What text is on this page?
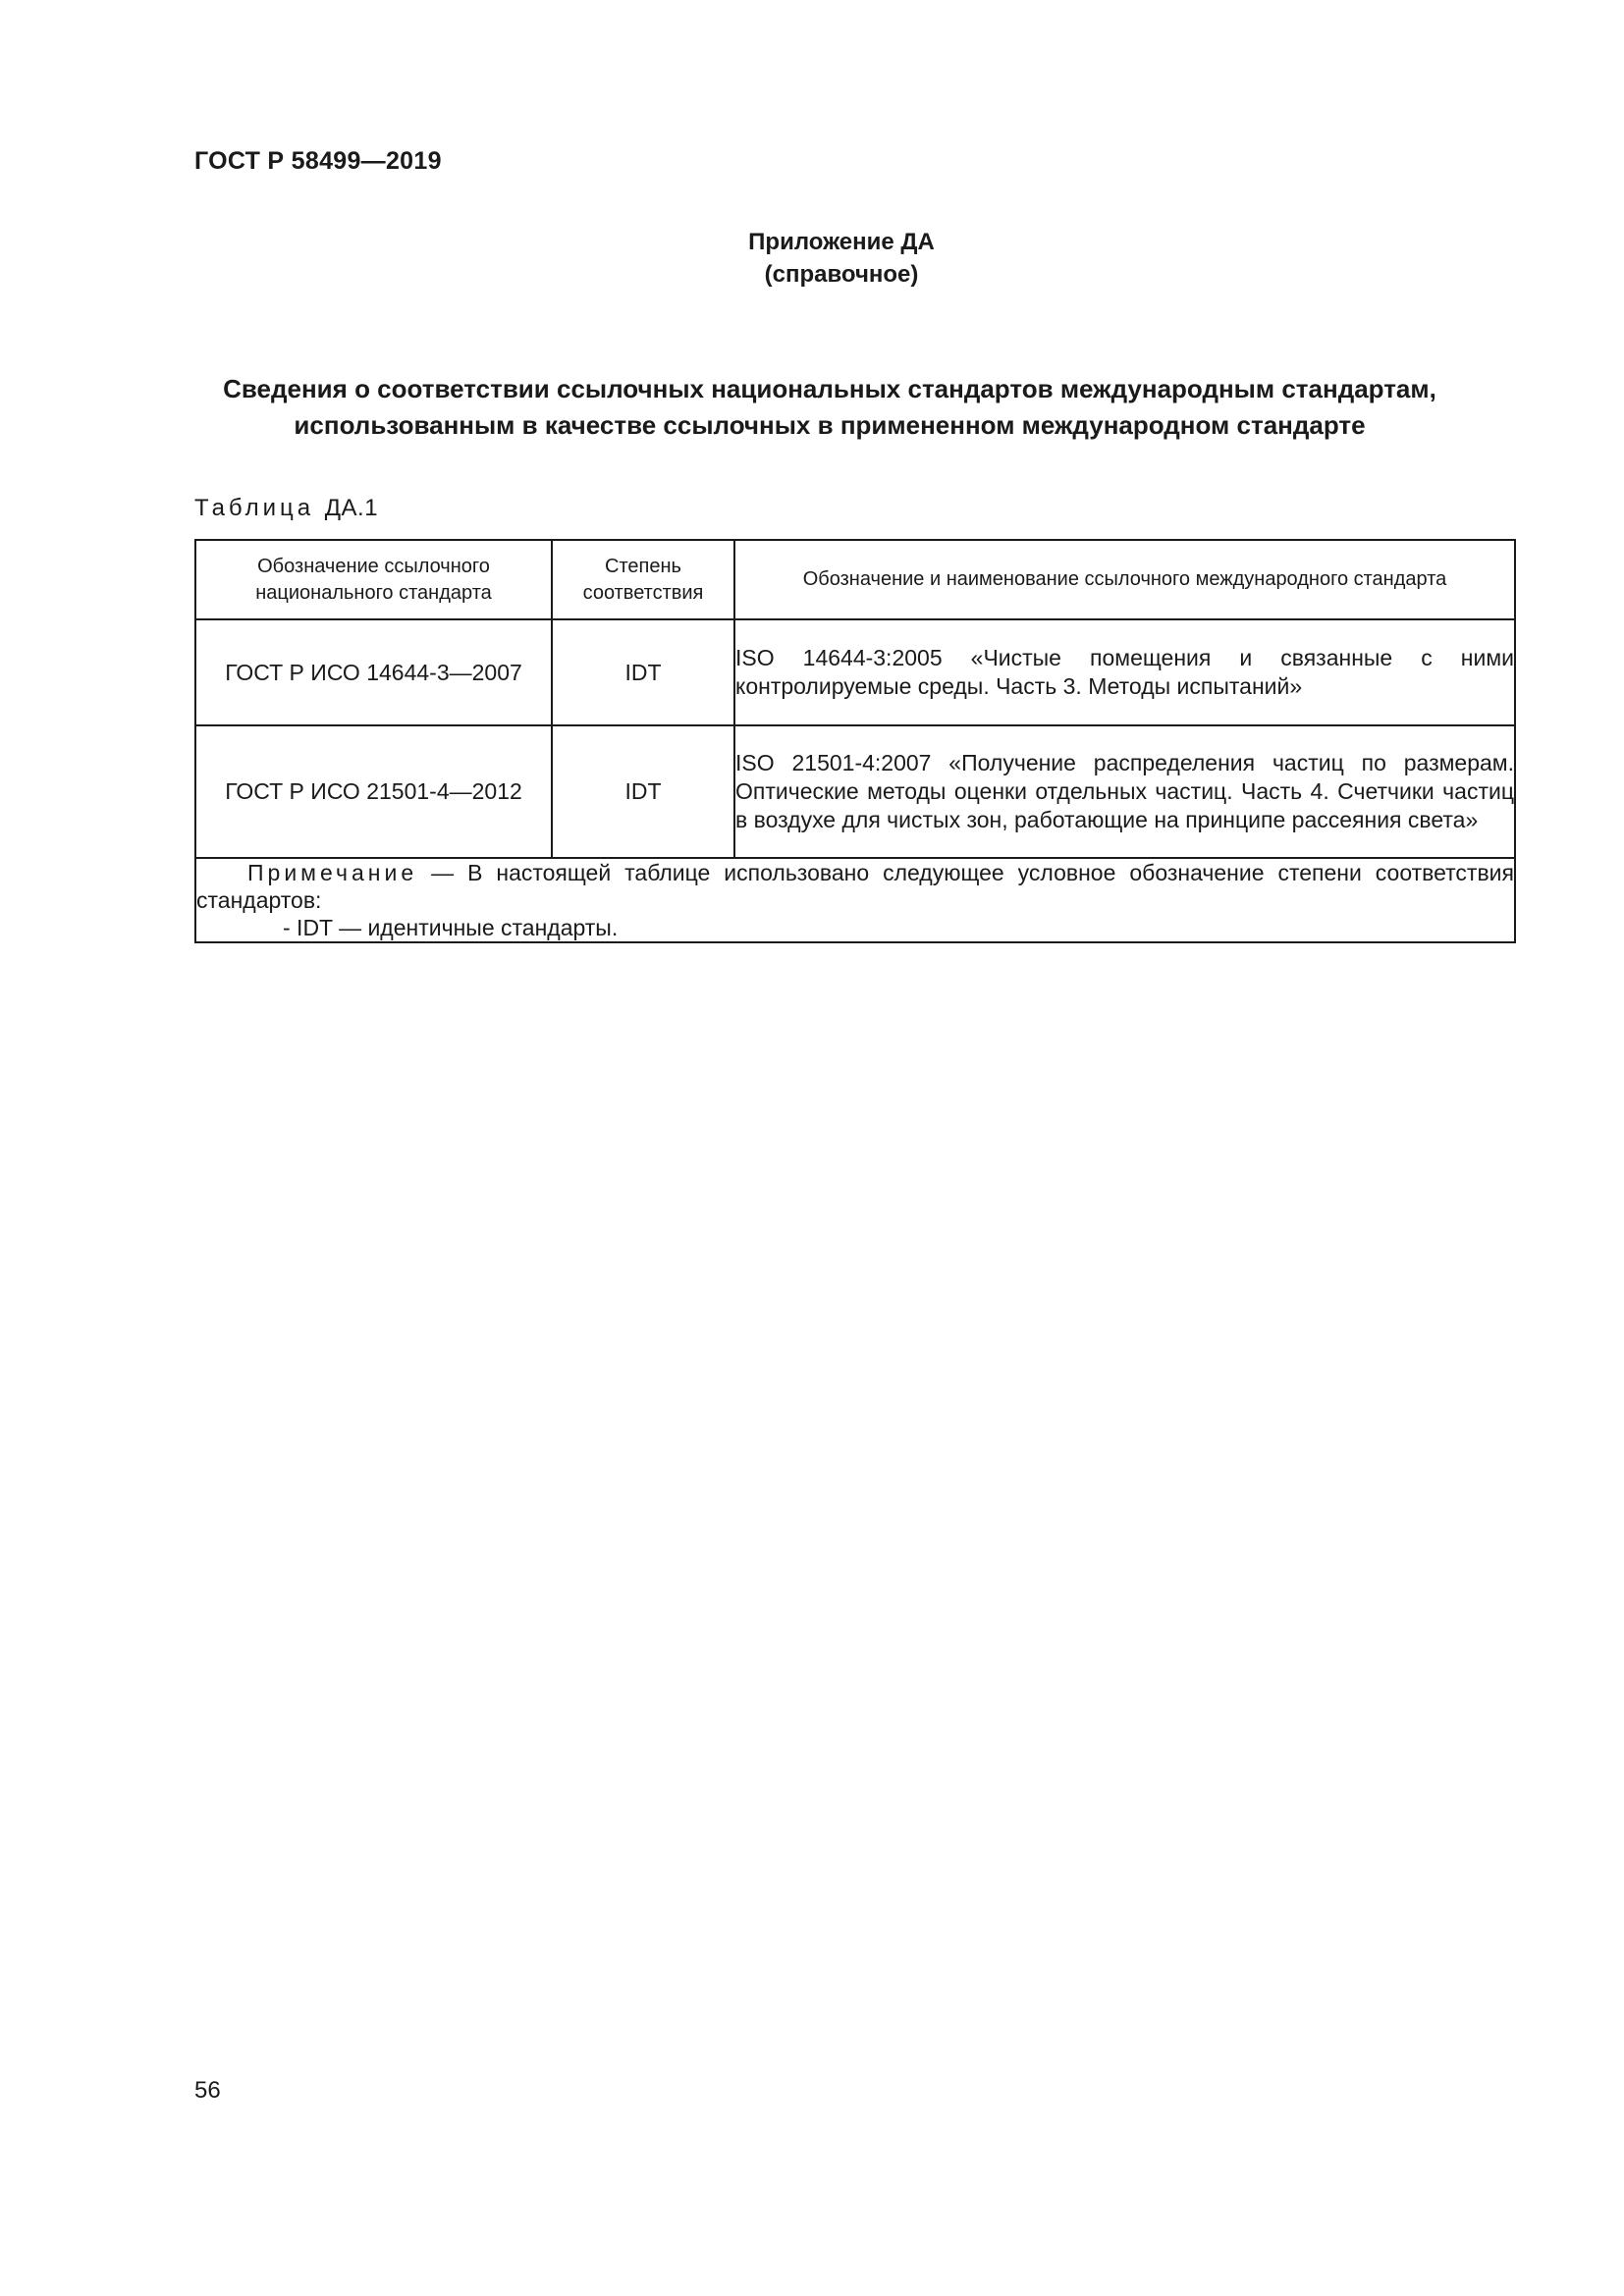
ГОСТ Р 58499—2019
Приложение ДА
(справочное)
Сведения о соответствии ссылочных национальных стандартов международным стандартам,
использованным в качестве ссылочных в примененном международном стандарте
Таблица ДА.1
Обозначение ссылочного национального стандарта	Степень соответствия	Обозначение и наименование ссылочного международного стандарта
ГОСТ Р ИСО 14644-3—2007	IDT	ISO 14644-3:2005 «Чистые помещения и связанные с ними контролируемые среды. Часть 3. Методы испытаний»
ГОСТ Р ИСО 21501-4—2012	IDT	ISO 21501-4:2007 «Получение распределения частиц по размерам. Оптические методы оценки отдельных частиц. Часть 4. Счетчики частиц в воздухе для чистых зон, работающие на принципе рассеяния света»
Примечание — В настоящей таблице использовано следующее условное обозначение степени соответствия стандартов:
- IDT — идентичные стандарты.		
56
